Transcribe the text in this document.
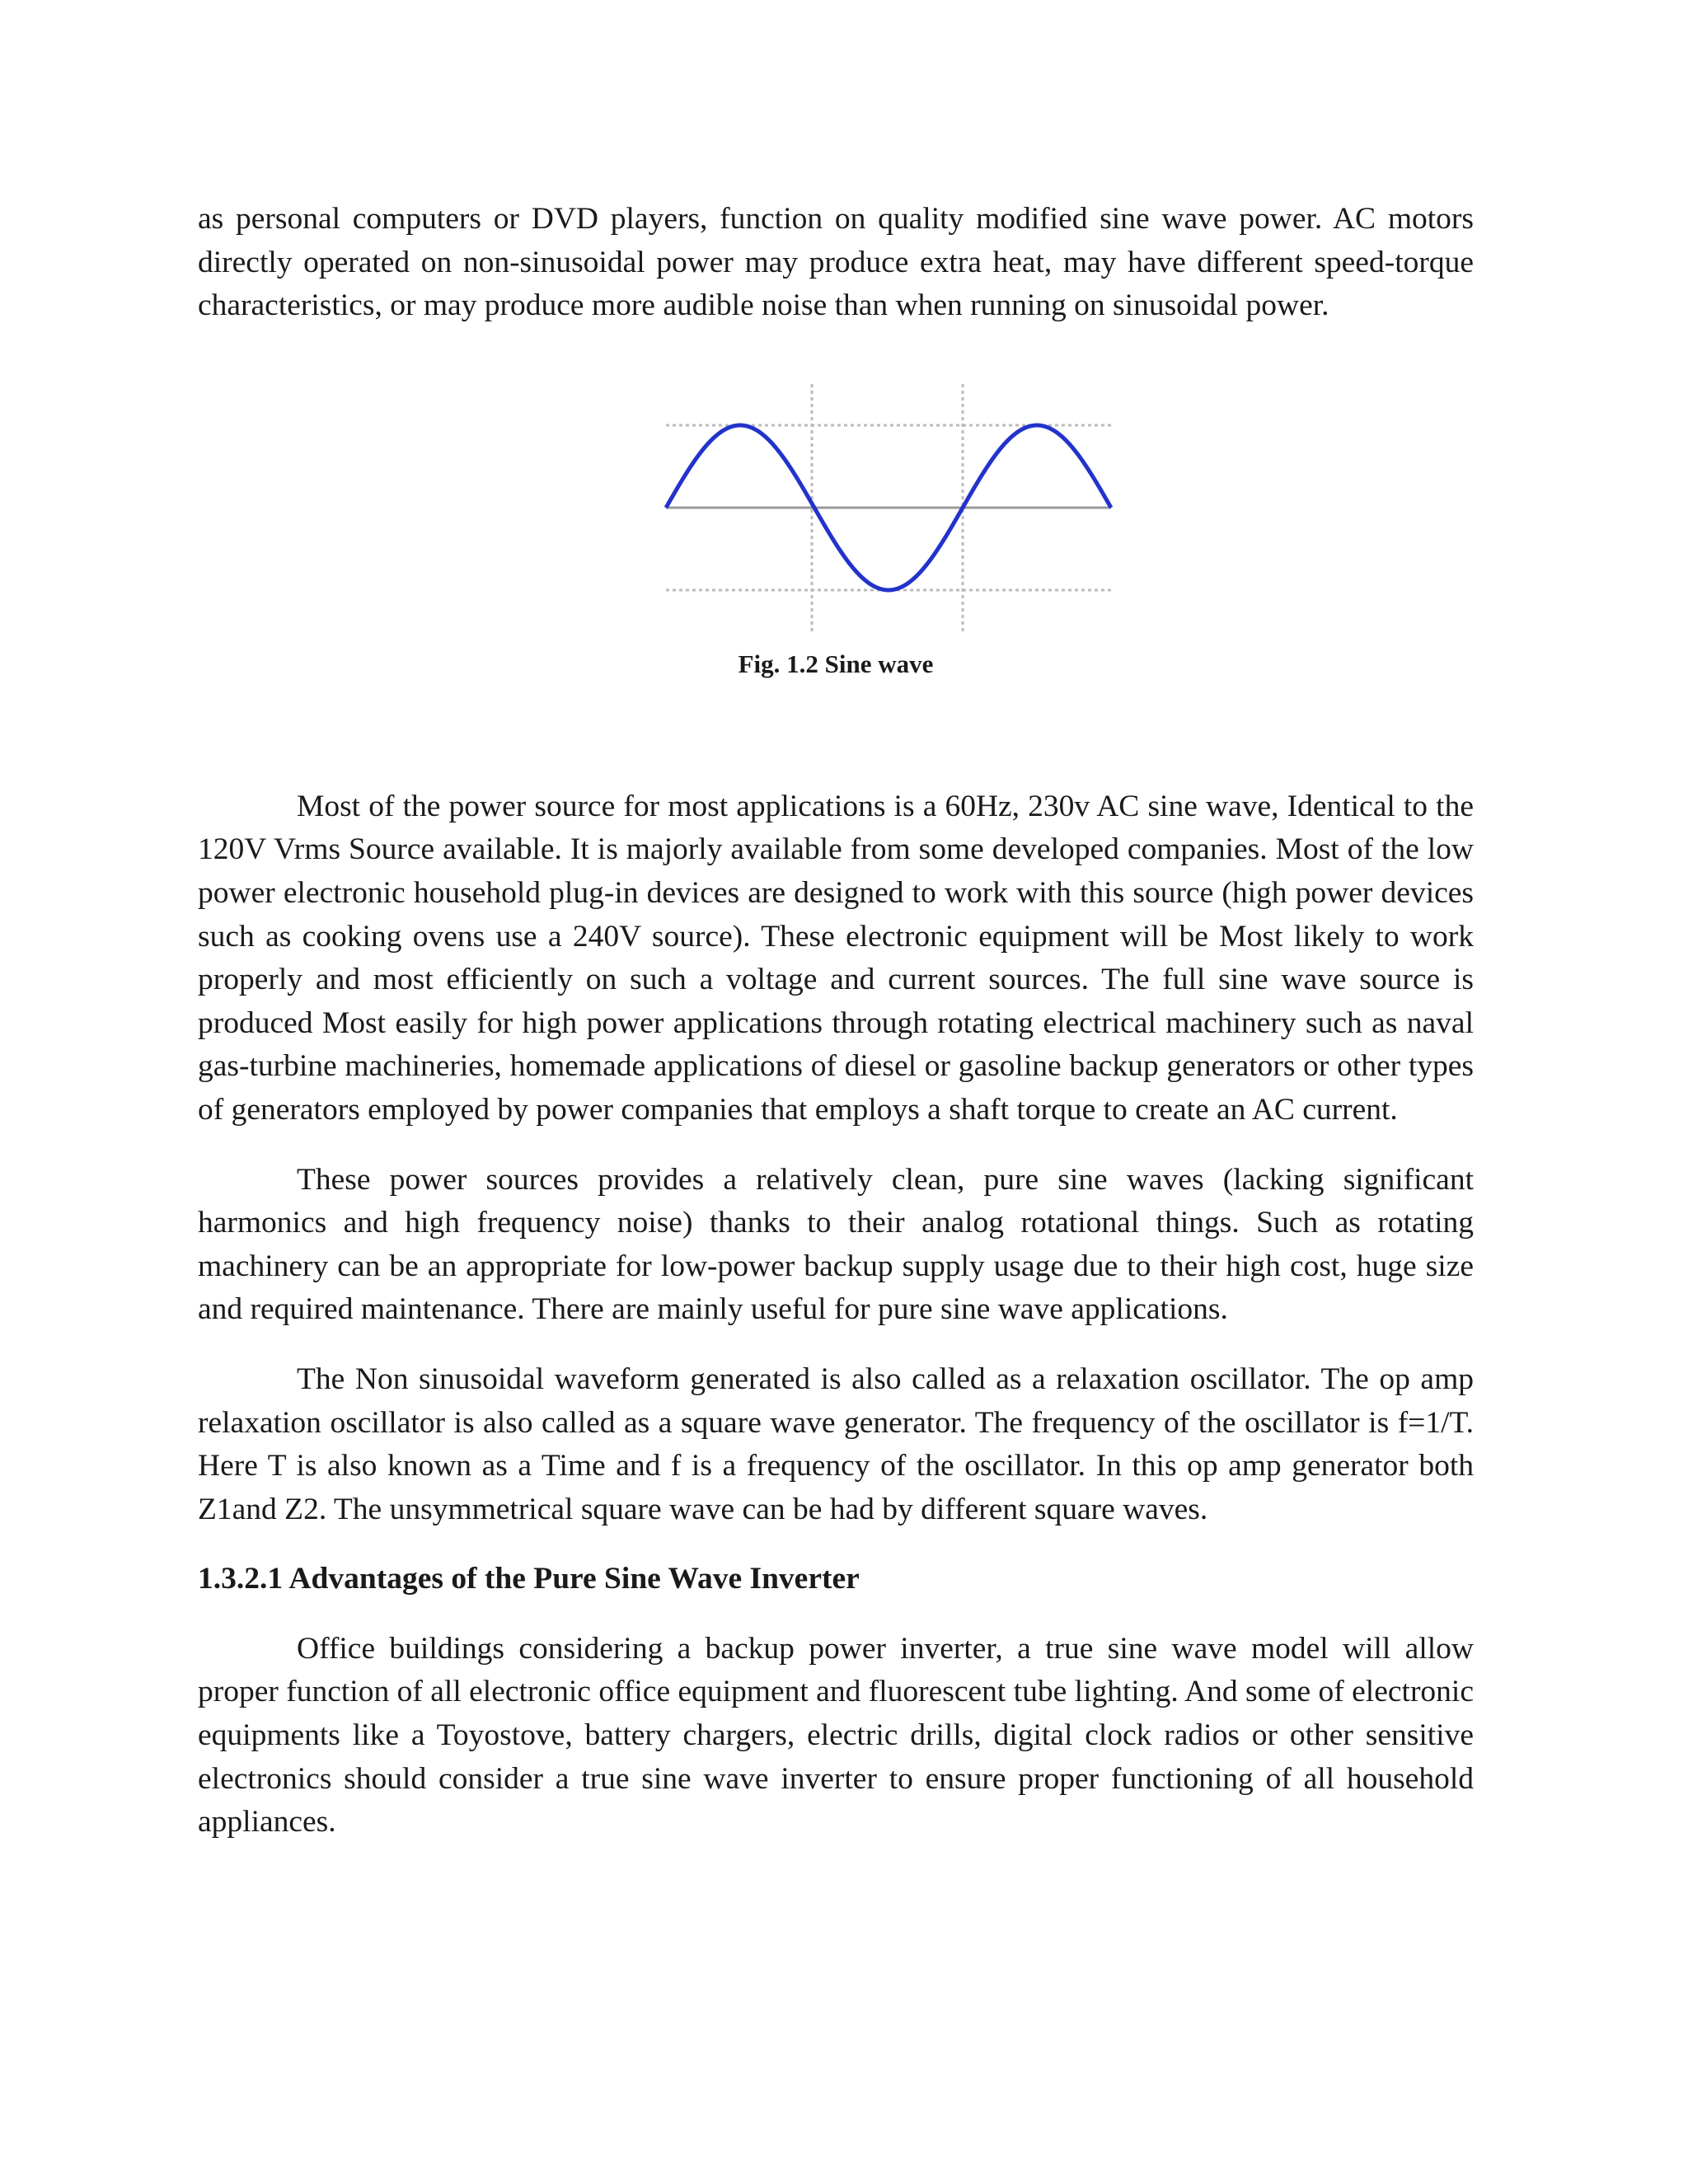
as personal computers or DVD players, function on quality modified sine wave power. AC motors directly operated on non-sinusoidal power may produce extra heat, may have different speed-torque characteristics, or may produce more audible noise than when running on sinusoidal power.

Fig. 1.2 Sine wave

Most of the power source for most applications is a 60Hz, 230v AC sine wave, Identical to the 120V Vrms Source available. It is majorly available from some developed companies. Most of the low power electronic household plug-in devices are designed to work with this source (high power devices such as cooking ovens use a 240V source). These electronic equipment will be Most likely to work properly and most efficiently on such a voltage and current sources. The full sine wave source is produced Most easily for high power applications through rotating electrical machinery such as naval gas-turbine machineries, homemade applications of diesel or gasoline backup generators or other types of generators employed by power companies that employs a shaft torque to create an AC current.

These power sources provides a relatively clean, pure sine waves (lacking significant harmonics and high frequency noise) thanks to their analog rotational things. Such as rotating machinery can be an appropriate for low-power backup supply usage due to their high cost, huge size and required maintenance. There are mainly useful for pure sine wave applications.

The Non sinusoidal waveform generated is also called as a relaxation oscillator. The op amp relaxation oscillator is also called as a square wave generator. The frequency of the oscillator is f=1/T. Here T is also known as a Time and f is a frequency of the oscillator. In this op amp generator both Z1and Z2. The unsymmetrical square wave can be had by different square waves.

1.3.2.1 Advantages of the Pure Sine Wave Inverter

Office buildings considering a backup power inverter, a true sine wave model will allow proper function of all electronic office equipment and fluorescent tube lighting. And some of electronic equipments like a Toyostove, battery chargers, electric drills, digital clock radios or other sensitive electronics should consider a true sine wave inverter to ensure proper functioning of all household appliances.
